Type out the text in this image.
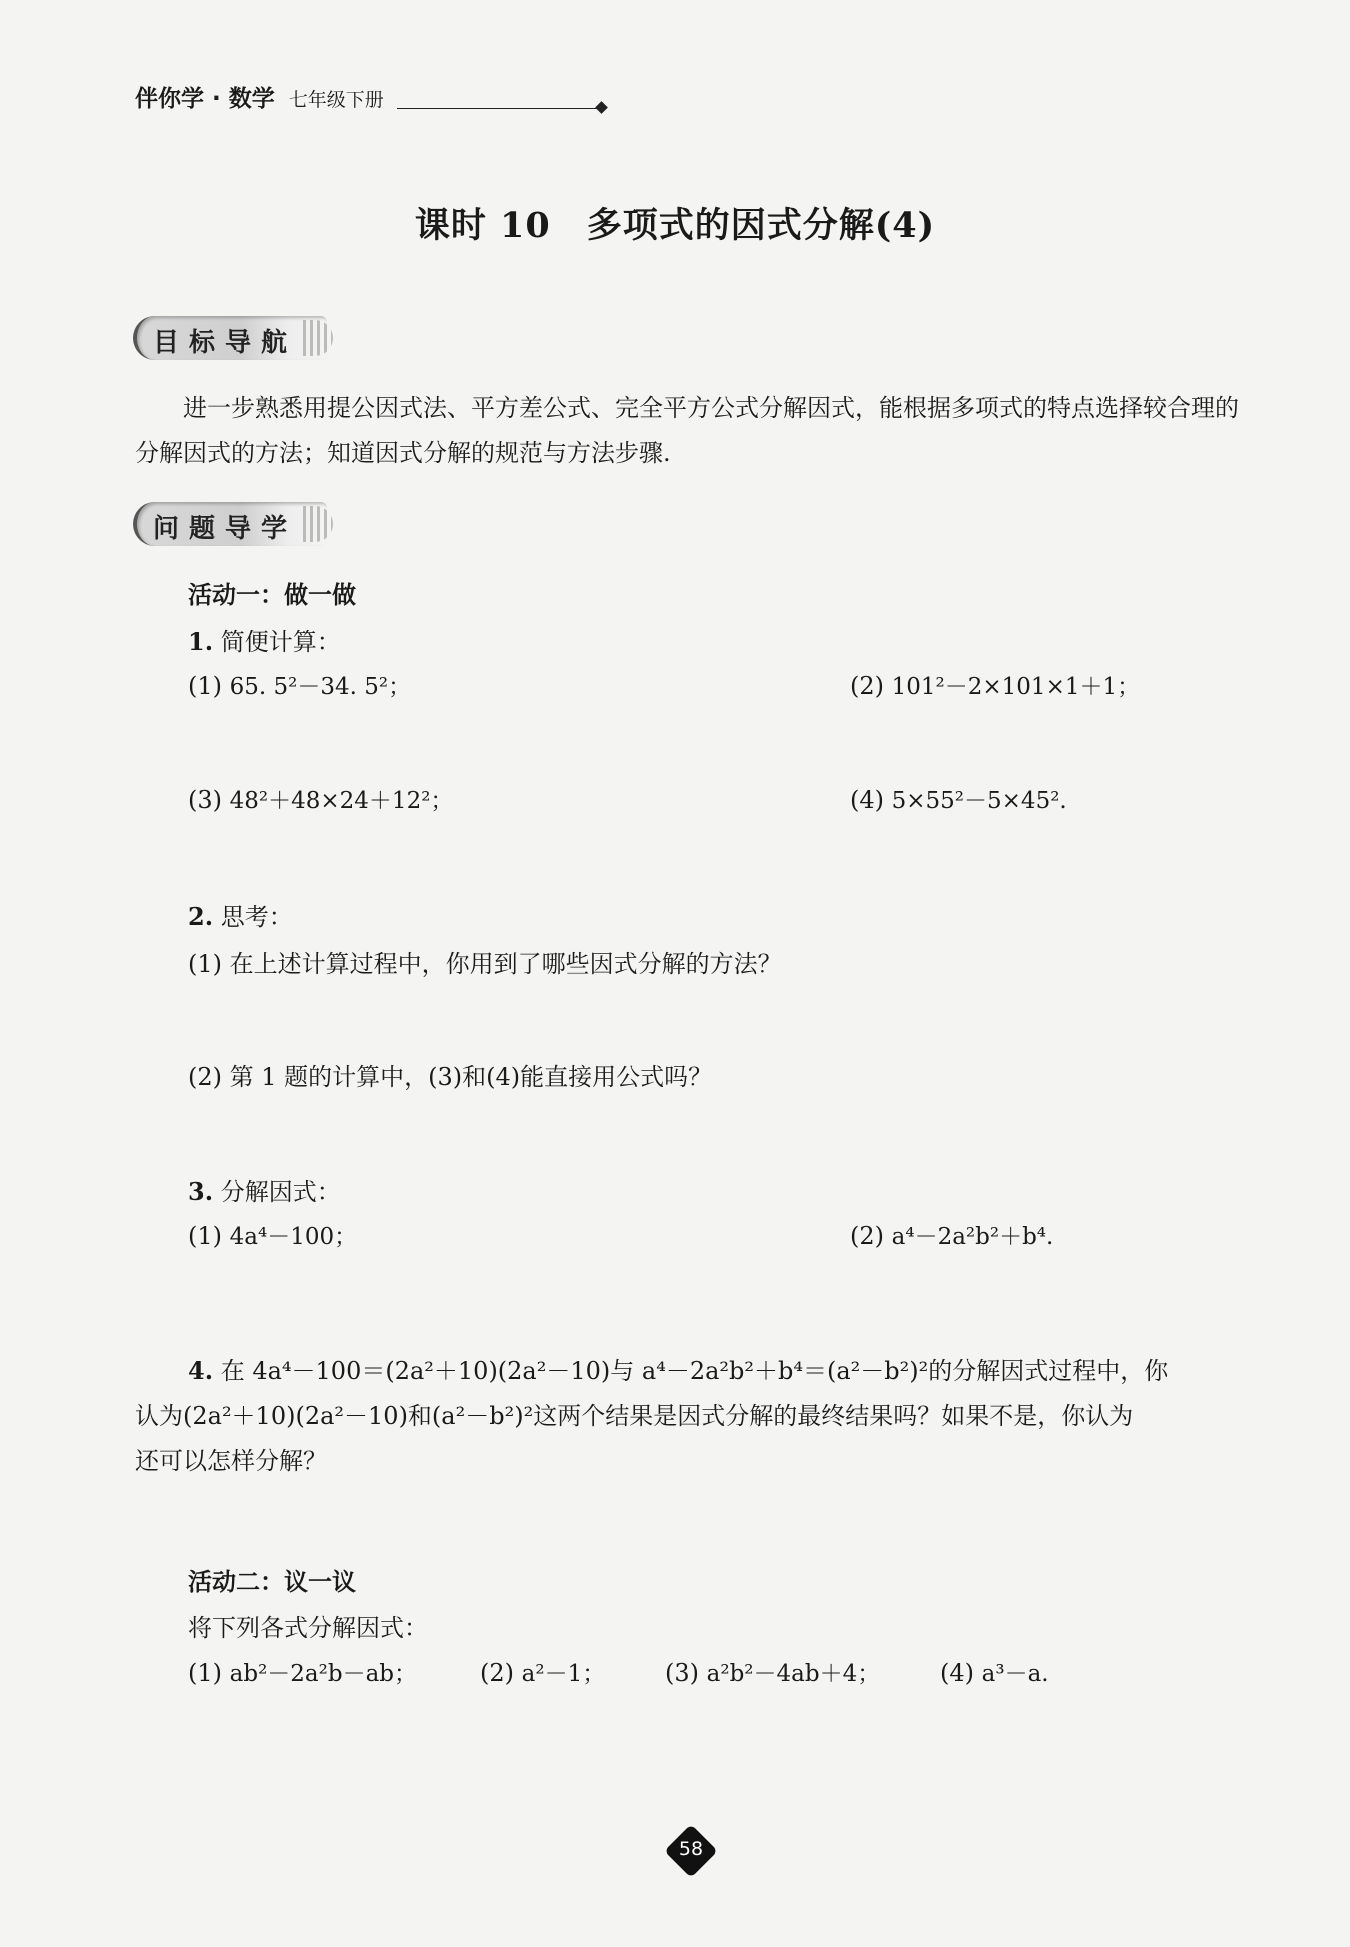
伴你学 · 数学 七年级下册
课时 10　多项式的因式分解(4)
目标导航
进一步熟悉用提公因式法、平方差公式、完全平方公式分解因式，能根据多项式的特点选择较合理的分解因式的方法；知道因式分解的规范与方法步骤.
问题导学
活动一：做一做
1. 简便计算：
(1) 65. 5²－34. 5²；	(2) 101²－2×101×1＋1；
(3) 48²＋48×24＋12²；	(4) 5×55²－5×45².
2. 思考：
(1) 在上述计算过程中，你用到了哪些因式分解的方法？
(2) 第 1 题的计算中，(3)和(4)能直接用公式吗？
3. 分解因式：
(1) 4a⁴－100；	(2) a⁴－2a²b²＋b⁴.
4. 在 4a⁴－100＝(2a²＋10)(2a²－10)与 a⁴－2a²b²＋b⁴＝(a²－b²)²的分解因式过程中，你
认为(2a²＋10)(2a²－10)和(a²－b²)²这两个结果是因式分解的最终结果吗？如果不是，你认为
还可以怎样分解？
活动二：议一议
将下列各式分解因式：
(1) ab²－2a²b－ab；	(2) a²－1； (3) a²b²－4ab＋4； (4) a³－a.
58
